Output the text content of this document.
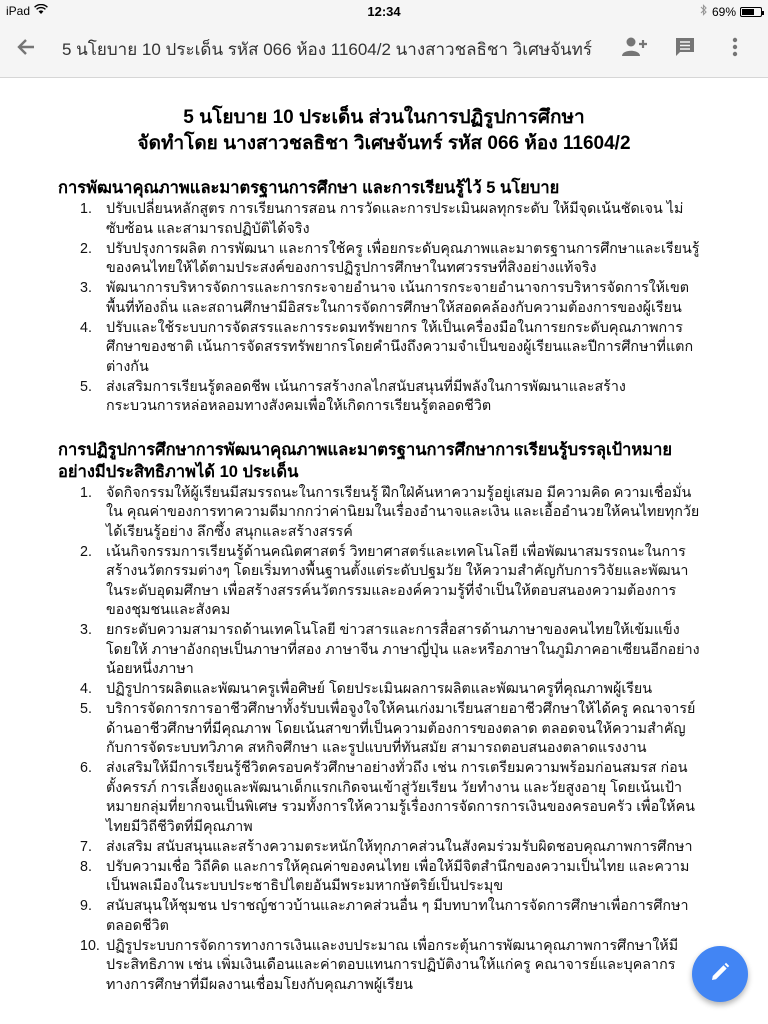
iPad	12:34	69%
5 นโยบาย 10 ประเด็น รหัส 066 ห้อง 11604/2 นางสาวชลธิชา วิเศษจันทร์
5 นโยบาย 10 ประเด็น ส่วนในการปฏิรูปการศึกษา
จัดทำโดย นางสาวชลธิชา วิเศษจันทร์ รหัส 066 ห้อง 11604/2
การพัฒนาคุณภาพและมาตรฐานการศึกษา และการเรียนรู้ไว้ 5 นโยบาย
1. ปรับเปลี่ยนหลักสูตร การเรียนการสอน การวัดและการประเมินผลทุกระดับ ให้มีจุดเน้นชัดเจน ไม่ซับซ้อน และสามารถปฏิบัติได้จริง
2. ปรับปรุงการผลิต การพัฒนา และการใช้ครู เพื่อยกระดับคุณภาพและมาตรฐานการศึกษาและเรียนรู้ของคนไทยให้ได้ตามประสงค์ของการปฏิรูปการศึกษาในทศวรรษที่สิงอย่างแท้จริง
3. พัฒนาการบริหารจัดการและการกระจายอำนาจ เน้นการกระจายอำนาจการบริหารจัดการให้เขตพื้นที่ท้องถิ่น และสถานศึกษามีอิสระในการจัดการศึกษาให้สอดคล้องกับความต้องการของผู้เรียน
4. ปรับและใช้ระบบการจัดสรรและการระดมทรัพยากร ให้เป็นเครื่องมือในการยกระดับคุณภาพการศึกษาของชาติ เน้นการจัดสรรทรัพยากรโดยคำนึงถึงความจำเป็นของผู้เรียนและปีการศึกษาที่แตกต่างกัน
5. ส่งเสริมการเรียนรู้ตลอดชีพ เน้นการสร้างกลไกสนับสนุนที่มีพลังในการพัฒนาและสร้างกระบวนการหล่อหลอมทางสังคมเพื่อให้เกิดการเรียนรู้ตลอดชีวิต
การปฏิรูปการศึกษาการพัฒนาคุณภาพและมาตรฐานการศึกษาการเรียนรู้บรรลุเป้าหมายอย่างมีประสิทธิภาพได้ 10 ประเด็น
1. จัดกิจกรรมให้ผู้เรียนมีสมรรถนะในการเรียนรู้ ฝึกใฝ่ค้นหาความรู้อยู่เสมอ มีความคิด ความเชื่อมั่นใน คุณค่าของการทาความดีมากกว่าค่านิยมในเรื่องอำนาจและเงิน และเอื้ออำนวยให้คนไทยทุกวัยได้เรียนรู้อย่าง ลึกซึ้ง สนุกและสร้างสรรค์
2. เน้นกิจกรรมการเรียนรู้ด้านคณิตศาสตร์ วิทยาศาสตร์และเทคโนโลยี เพื่อพัฒนาสมรรถนะในการสร้างนวัตกรรมต่างๆ โดยเริ่มทางพื้นฐานตั้งแต่ระดับปฐมวัย ให้ความสำคัญกับการวิจัยและพัฒนาในระดับอุดมศึกษา เพื่อสร้างสรรค์นวัตกรรมและองค์ความรู้ที่จำเป็นให้ตอบสนองความต้องการของชุมชนและสังคม
3. ยกระดับความสามารถด้านเทคโนโลยี ข่าวสารและการสื่อสารด้านภาษาของคนไทยให้เข้มแข็งโดยให้ ภาษาอังกฤษเป็นภาษาที่สอง ภาษาจีน ภาษาญี่ปุ่น และหรือภาษาในภูมิภาคอาเซียนอีกอย่างน้อยหนึ่งภาษา
4. ปฏิรูปการผลิตและพัฒนาครูเพื่อศิษย์ โดยประเมินผลการผลิตและพัฒนาครูที่คุณภาพผู้เรียน
5. บริการจัดการการอาชีวศึกษาทั้งรับบเพื่อจูงใจให้คนเก่งมาเรียนสายอาชีวศึกษาให้ได้ครู คณาจารย์ด้านอาชีวศึกษาที่มีคุณภาพ โดยเน้นสาขาที่เป็นความต้องการของตลาด ตลอดจนให้ความสำคัญกับการจัดระบบทวิภาค สหกิจศึกษา และรูปแบบที่ทันสมัย สามารถตอบสนองตลาดแรงงาน
6. ส่งเสริมให้มีการเรียนรู้ชีวิตครอบครัวศึกษาอย่างทั่วถึง เช่น การเตรียมความพร้อมก่อนสมรส ก่อนตั้งครรภ์ การเลี้ยงดูและพัฒนาเด็กแรกเกิดจนเข้าสู่วัยเรียน วัยทำงาน และวัยสูงอายุ โดยเน้นเป้าหมายกลุ่มที่ยากจนเป็นพิเศษ รวมทั้งการให้ความรู้เรื่องการจัดการการเงินของครอบครัว เพื่อให้คนไทยมีวิถีชีวิตที่มีคุณภาพ
7. ส่งเสริม สนับสนุนและสร้างความตระหนักให้ทุกภาคส่วนในสังคมร่วมรับผิดชอบคุณภาพการศึกษา
8. ปรับความเชื่อ วิถีคิด และการให้คุณค่าของคนไทย เพื่อให้มีจิตสำนึกของความเป็นไทย และความเป็นพลเมืองในระบบประชาธิปไตยอันมีพระมหากษัตริย์เป็นประมุข
9. สนับสนุนให้ชุมชน ปราชญ์ชาวบ้านและภาคส่วนอื่น ๆ มีบทบาทในการจัดการศึกษาเพื่อการศึกษาตลอดชีวิต
10. ปฏิรูประบบการจัดการทางการเงินและงบประมาณ เพื่อกระตุ้นการพัฒนาคุณภาพการศึกษาให้มีประสิทธิภาพ เช่น เพิ่มเงินเดือนและค่าตอบแทนการปฏิบัติงานให้แก่ครู คณาจารย์และบุคลากรทางการศึกษาที่มีผลงานเชื่อมโยงกับคุณภาพผู้เรียน
